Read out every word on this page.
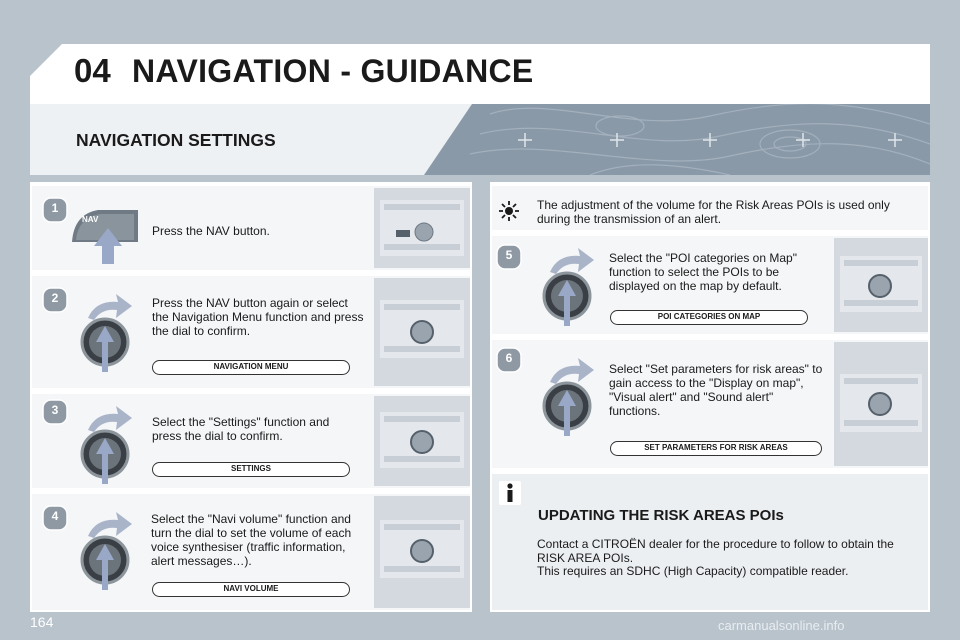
04 NAVIGATION - GUIDANCE
NAVIGATION SETTINGS
1
NAV
Press the NAV button.
2	Press the NAV button again or select the Navigation Menu function and press the dial to confirm.
NAVIGATION MENU
3
Select the "Settings" function and press the dial to confirm.
SETTINGS
4	Select the "Navi volume" function and turn the dial to set the volume of each voice synthesiser (traffic information, alert messages…).
NAVI VOLUME
The adjustment of the volume for the Risk Areas POIs is used only during the transmission of an alert.
5	Select the "POI categories on Map" function to select the POIs to be displayed on the map by default.
POI CATEGORIES ON MAP
6
Select "Set parameters for risk areas" to gain access to the "Display on map", "Visual alert" and "Sound alert" functions.
SET PARAMETERS FOR RISK AREAS
UPDATING THE RISK AREAS POIs
Contact a CITROËN dealer for the procedure to follow to obtain the RISK AREA POIs.
This requires an SDHC (High Capacity) compatible reader.
164	carmanualsonline.info
